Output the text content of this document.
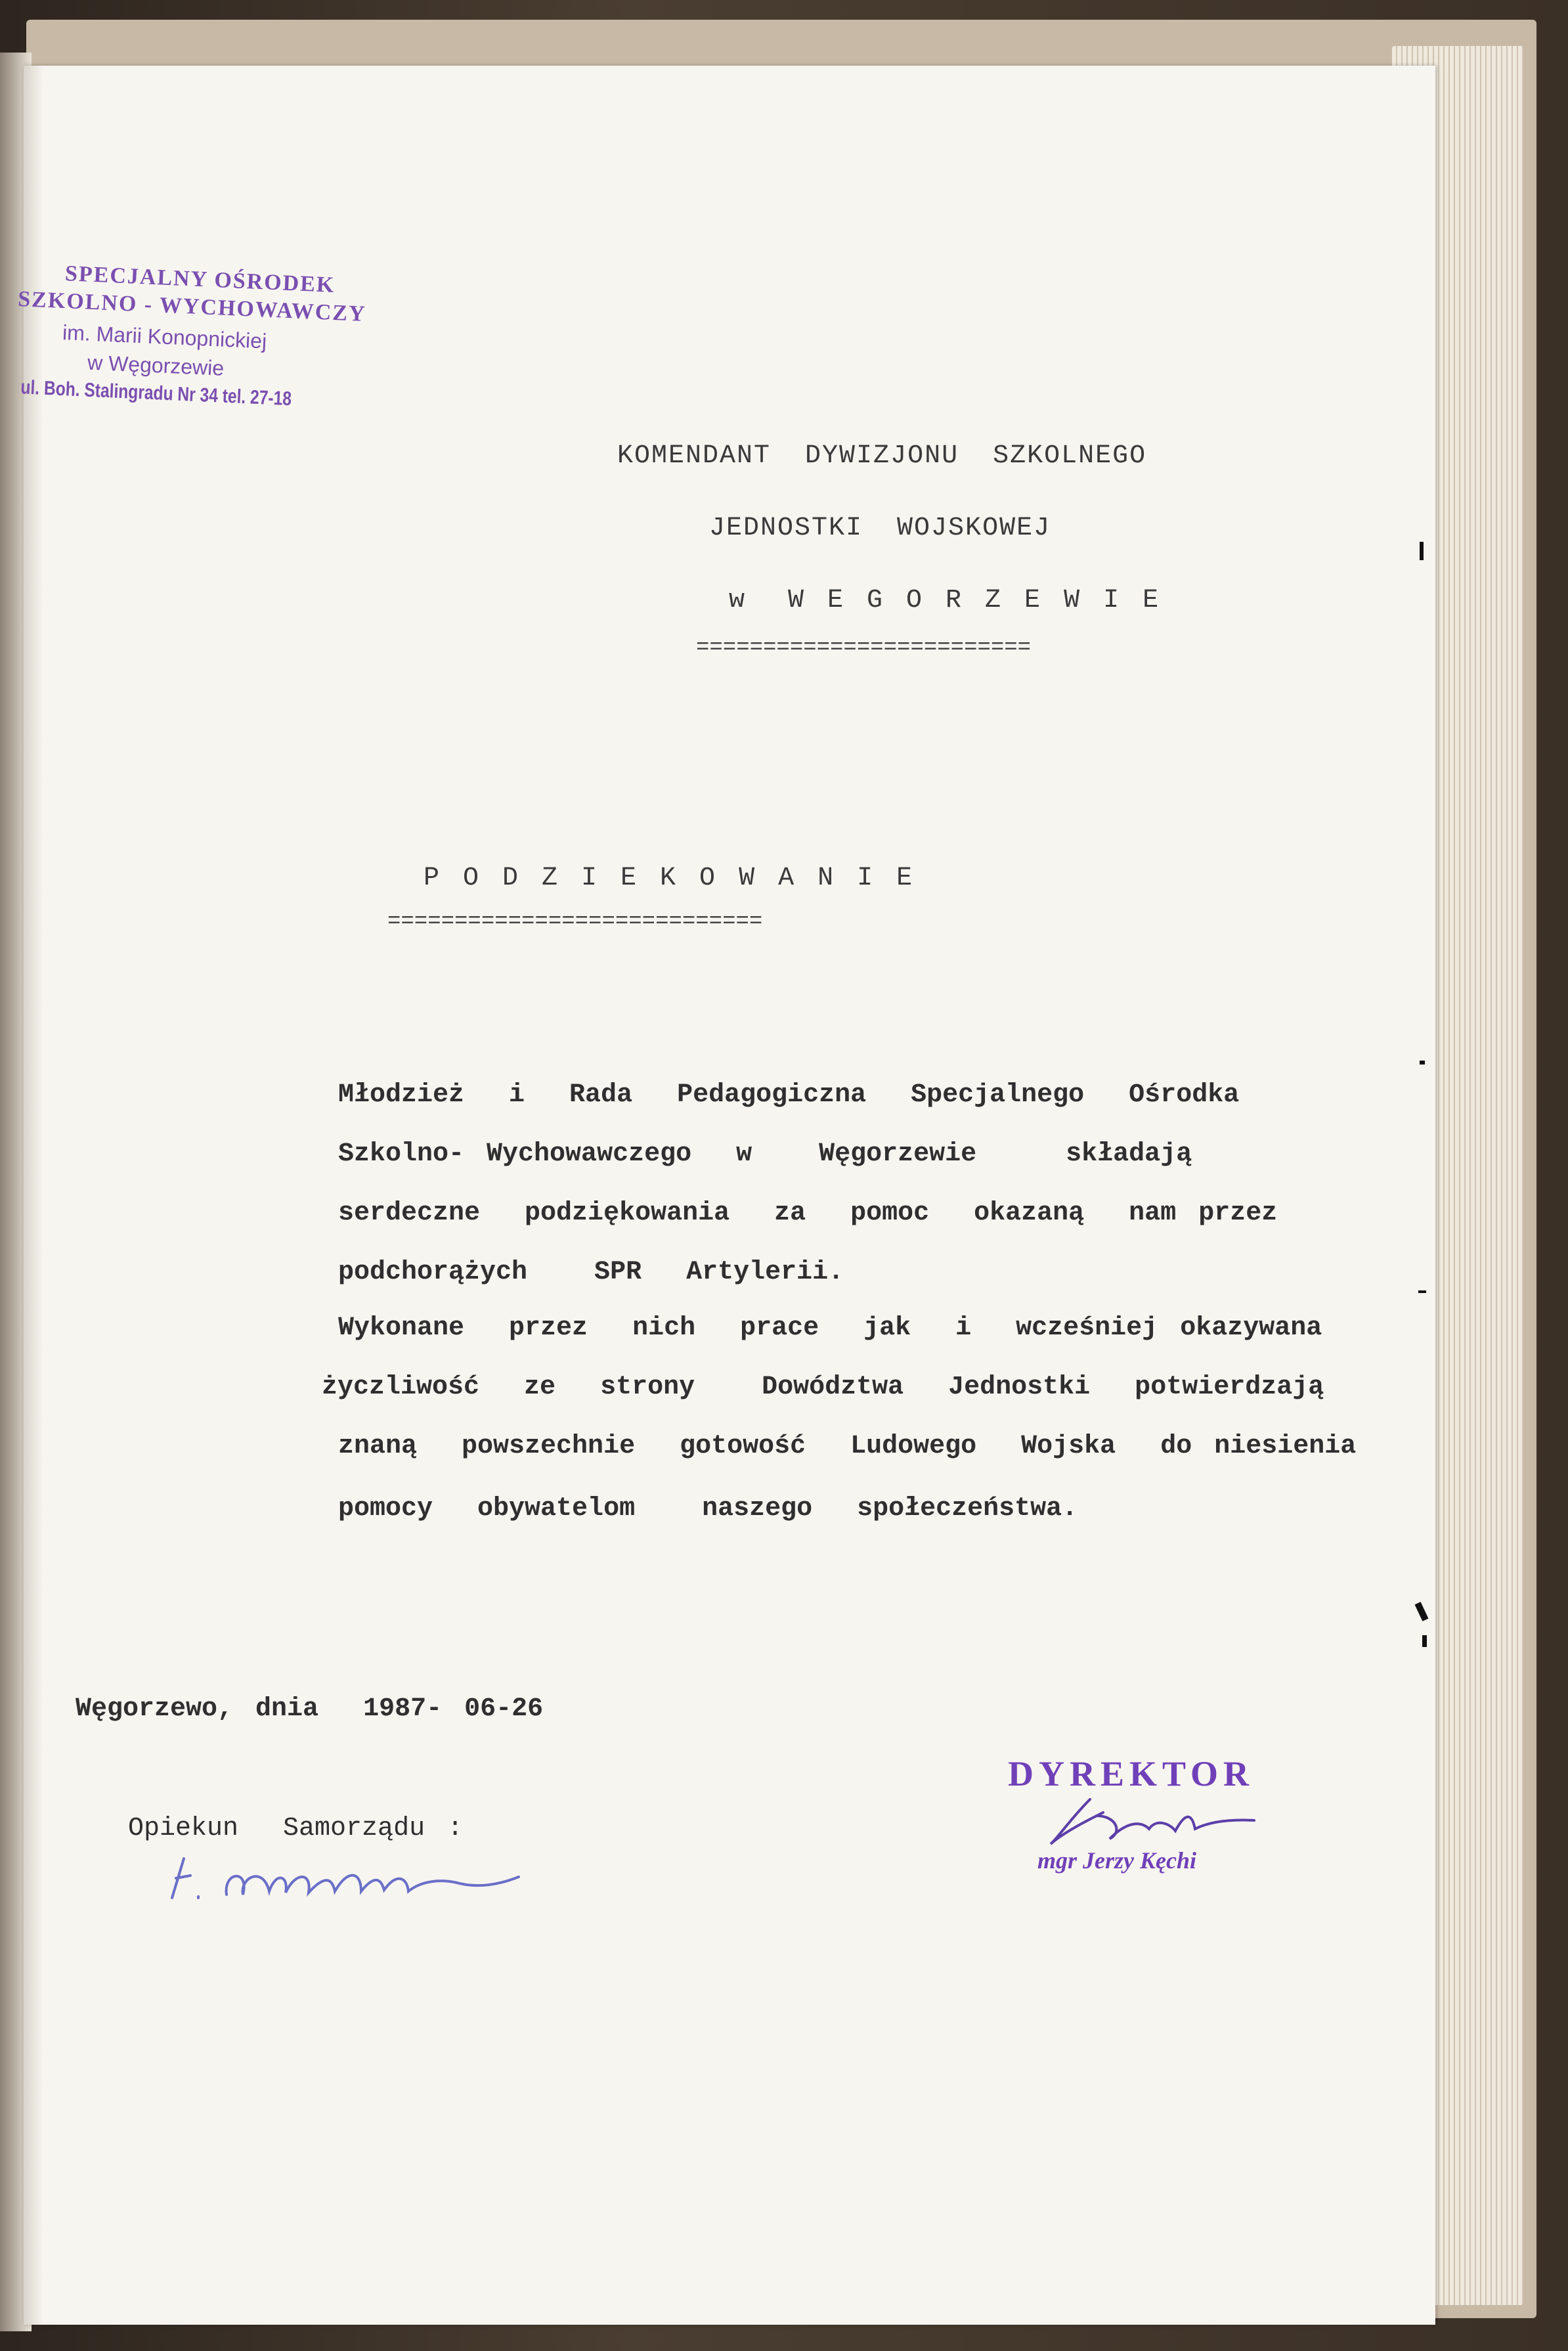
SPECJALNY OŚRODEK
SZKOLNO - WYCHOWAWCZY
im. Marii Konopnickiej
w Węgorzewie
ul. Boh. Stalingradu Nr 34 tel. 27-18
KOMENDANT  DYWIZJONU  SZKOLNEGO
JEDNOSTKI  WOJSKOWEJ
w  W E G O R Z E W I E
=========================
P O D Z I E K O W A N I E
============================
Młodzież  i  Rada  Pedagogiczna  Specjalnego  Ośrodka
Szkolno- Wychowawczego  w   Węgorzewie    składają
serdeczne  podziękowania  za  pomoc  okazaną  nam przez
podchorążych   SPR  Artylerii.
Wykonane  przez  nich  prace  jak  i  wcześniej okazywana
życzliwość  ze  strony   Dowództwa  Jednostki  potwierdzają
znaną  powszechnie  gotowość  Ludowego  Wojska  do niesienia
pomocy  obywatelom   naszego  społeczeństwa.
Węgorzewo, dnia  1987- 06-26
Opiekun  Samorządu :
DYREKTOR
mgr Jerzy Kęchi
